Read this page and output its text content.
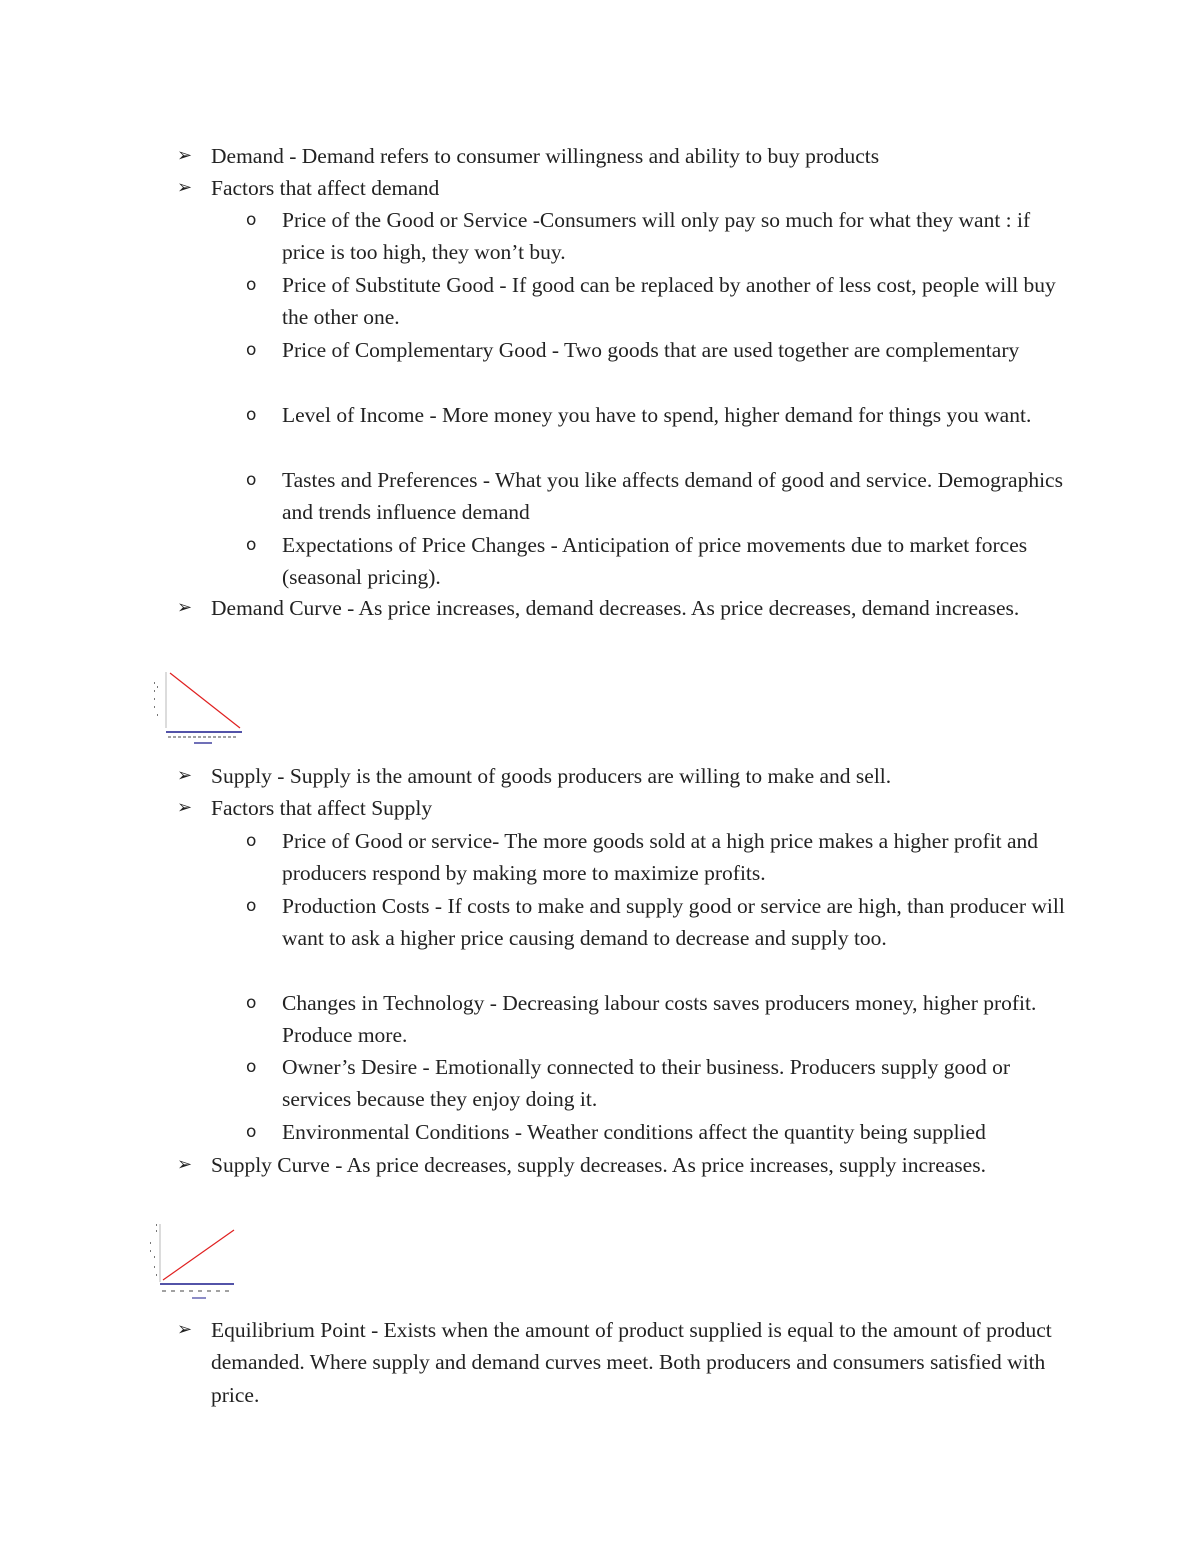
➢ Demand - Demand refers to consumer willingness and ability to buy products

➢ Factors that affect demand

o	Price of the Good or Service -Consumers will only pay so much for what they want : if price is too high, they won’t buy.

o	Price of Substitute Good - If good can be replaced by another of less cost, people will buy the other one.

o	Price of Complementary Good - Two goods that are used together are complementary

o	Level of Income - More money you have to spend, higher demand for things you want.

o	Tastes and Preferences - What you like affects demand of good and service. Demographics and trends influence demand

o	Expectations of Price Changes - Anticipation of price movements due to market forces (seasonal pricing).

➢ Demand Curve - As price increases, demand decreases. As price decreases, demand increases.

➢ Supply - Supply is the amount of goods producers are willing to make and sell.

➢ Factors that affect Supply

o	Price of Good or service- The more goods sold at a high price makes a higher profit and producers respond by making more to maximize profits.

o	Production Costs - If costs to make and supply good or service are high, than producer will want to ask a higher price causing demand to decrease and supply too.

o	Changes in Technology - Decreasing labour costs saves producers money, higher profit. Produce more.

o	Owner’s Desire - Emotionally connected to their business. Producers supply good or services because they enjoy doing it.

o	Environmental Conditions - Weather conditions affect the quantity being supplied

➢ Supply Curve - As price decreases, supply decreases. As price increases, supply increases.

➢ Equilibrium Point - Exists when the amount of product supplied is equal to the amount of product demanded. Where supply and demand curves meet. Both producers and consumers satisfied with price.
